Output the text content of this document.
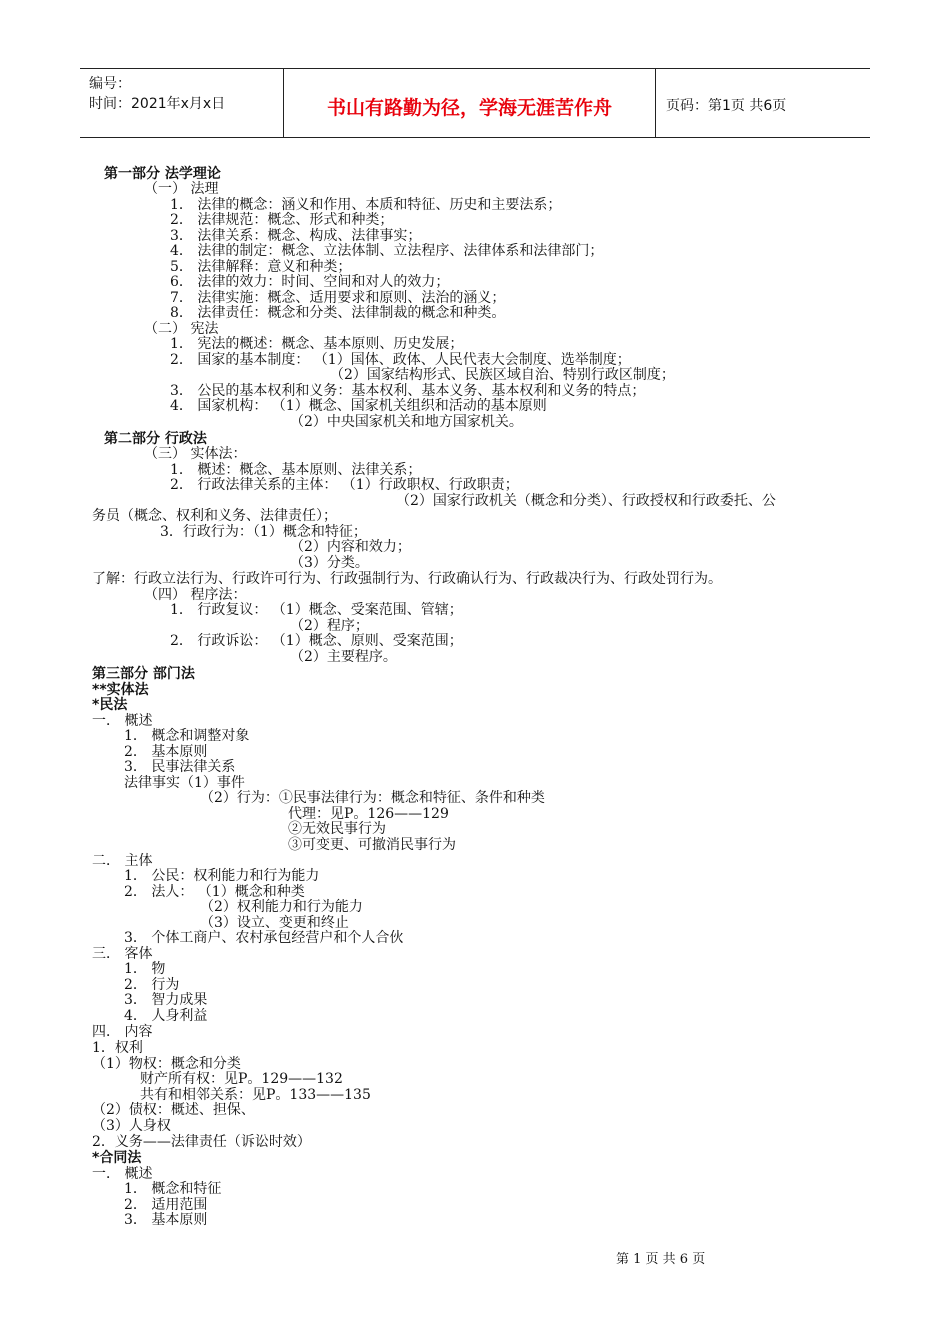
编号：
时间：2021年x月x日	书山有路勤为径，学海无涯苦作舟	页码：第1页 共6页
第一部分 法学理论
（一） 法理
1． 法律的概念：涵义和作用、本质和特征、历史和主要法系；
2． 法律规范：概念、形式和种类；
3． 法律关系：概念、构成、法律事实；
4． 法律的制定：概念、立法体制、立法程序、法律体系和法律部门；
5． 法律解释：意义和种类；
6． 法律的效力：时间、空间和对人的效力；
7． 法律实施：概念、适用要求和原则、法治的涵义；
8． 法律责任：概念和分类、法律制裁的概念和种类。
（二） 宪法
1． 宪法的概述：概念、基本原则、历史发展；
2． 国家的基本制度： （1）国体、政体、人民代表大会制度、选举制度；
（2）国家结构形式、民族区域自治、特别行政区制度；
3． 公民的基本权利和义务：基本权利、基本义务、基本权利和义务的特点；
4． 国家机构： （1）概念、国家机关组织和活动的基本原则
（2）中央国家机关和地方国家机关。
第二部分 行政法
（三） 实体法：
1． 概述：概念、基本原则、法律关系；
2． 行政法律关系的主体： （1）行政职权、行政职责；
（2）国家行政机关（概念和分类）、行政授权和行政委托、公
务员（概念、权利和义务、法律责任）；
3．行政行为：（1）概念和特征；
（2）内容和效力；
（3）分类。
了解：行政立法行为、行政许可行为、行政强制行为、行政确认行为、行政裁决行为、行政处罚行为。
（四） 程序法：
1． 行政复议： （1）概念、受案范围、管辖；
（2）程序；
2． 行政诉讼： （1）概念、原则、受案范围；
（2）主要程序。
第三部分 部门法
**实体法
*民法
一． 概述
1． 概念和调整对象
2． 基本原则
3． 民事法律关系
法律事实（1）事件
（2）行为：①民事法律行为：概念和特征、条件和种类
代理：见P。126——129
②无效民事行为
③可变更、可撤消民事行为
二． 主体
1． 公民：权利能力和行为能力
2． 法人： （1）概念和种类
（2）权利能力和行为能力
（3）设立、变更和终止
3． 个体工商户、农村承包经营户和个人合伙
三． 客体
1． 物
2． 行为
3． 智力成果
4． 人身利益
四． 内容
1．权利
（1）物权：概念和分类
财产所有权：见P。129——132
共有和相邻关系：见P。133——135
（2）债权：概述、担保、
（3）人身权
2．义务——法律责任（诉讼时效）
*合同法
一． 概述
1． 概念和特征
2． 适用范围
3． 基本原则
第 1 页 共 6 页
